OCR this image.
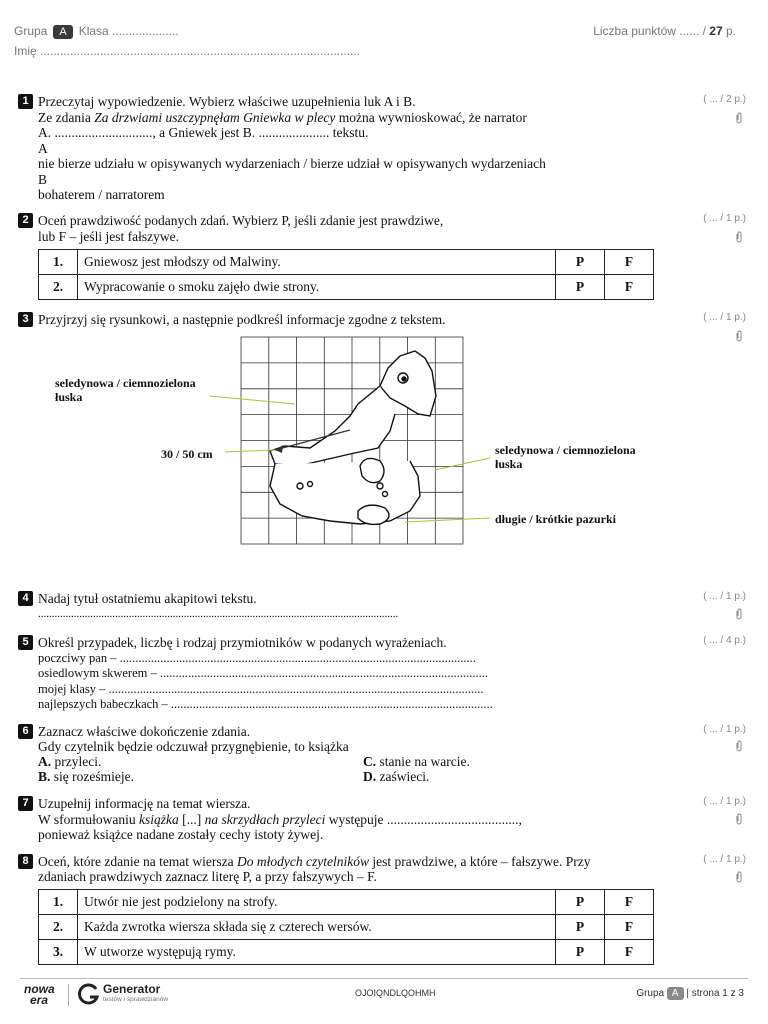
Grupa A Klasa ....................
Imię ................................................................................................
Liczba punktów ...... / 27 p.
1	( ... / 2 p.)
Przeczytaj wypowiedzenie. Wybierz właściwe uzupełnienia luk A i B.
Ze zdania Za drzwiami uszczypnęłam Gniewka w plecy można wywnioskować, że narrator
A. ............................., a Gniewek jest B. ..................... tekstu.
A
nie bierze udziału w opisywanych wydarzeniach / bierze udział w opisywanych wydarzeniach
B
bohaterem / narratorem
2	( ... / 1 p.)
Oceń prawdziwość podanych zdań. Wybierz P, jeśli zdanie jest prawdziwe,
lub F – jeśli jest fałszywe.
1.	Gniewosz jest młodszy od Malwiny.	P	F
2.	Wypracowanie o smoku zajęło dwie strony.	P	F
3	( ... / 1 p.)
Przyjrzyj się rysunkowi, a następnie podkreśl informacje zgodne z tekstem.
seledynowa / ciemnozielona
łuska
30 / 50 cm	seledynowa / ciemnozielona
łuska
długie / krótkie pazurki
4	( ... / 1 p.)
Nadaj tytuł ostatniemu akapitowi tekstu.
...................................................................................................................................
5	( ... / 4 p.)
Określ przypadek, liczbę i rodzaj przymiotników w podanych wyrażeniach.
poczciwy pan – ..................................................................................................................
osiedlowym skwerem – .........................................................................................................
mojej klasy – ........................................................................................................................
najlepszych babeczkach – .......................................................................................................
6	( ... / 1 p.)
Zaznacz właściwe dokończenie zdania.
Gdy czytelnik będzie odczuwał przygnębienie, to książka
A. przyleci.
B. się roześmieje.
C. stanie na warcie.
D. zaświeci.
7	( ... / 1 p.)
Uzupełnij informację na temat wiersza.
W sformułowaniu książka [...] na skrzydłach przyleci występuje .......................................,
ponieważ książce nadane zostały cechy istoty żywej.
8	( ... / 1 p.)
Oceń, które zdanie na temat wiersza Do młodych czytelników jest prawdziwe, a które – fałszywe. Przy
zdaniach prawdziwych zaznacz literę P, a przy fałszywych – F.
1.	Utwór nie jest podzielony na strofy.	P	F
2.	Każda zwrotka wiersza składa się z czterech wersów.	P	F
3.	W utworze występują rymy.	P	F
nowa
era
Generator
testów i sprawdzianów
OJOIQNDLQOHMH	Grupa A | strona 1 z 3
